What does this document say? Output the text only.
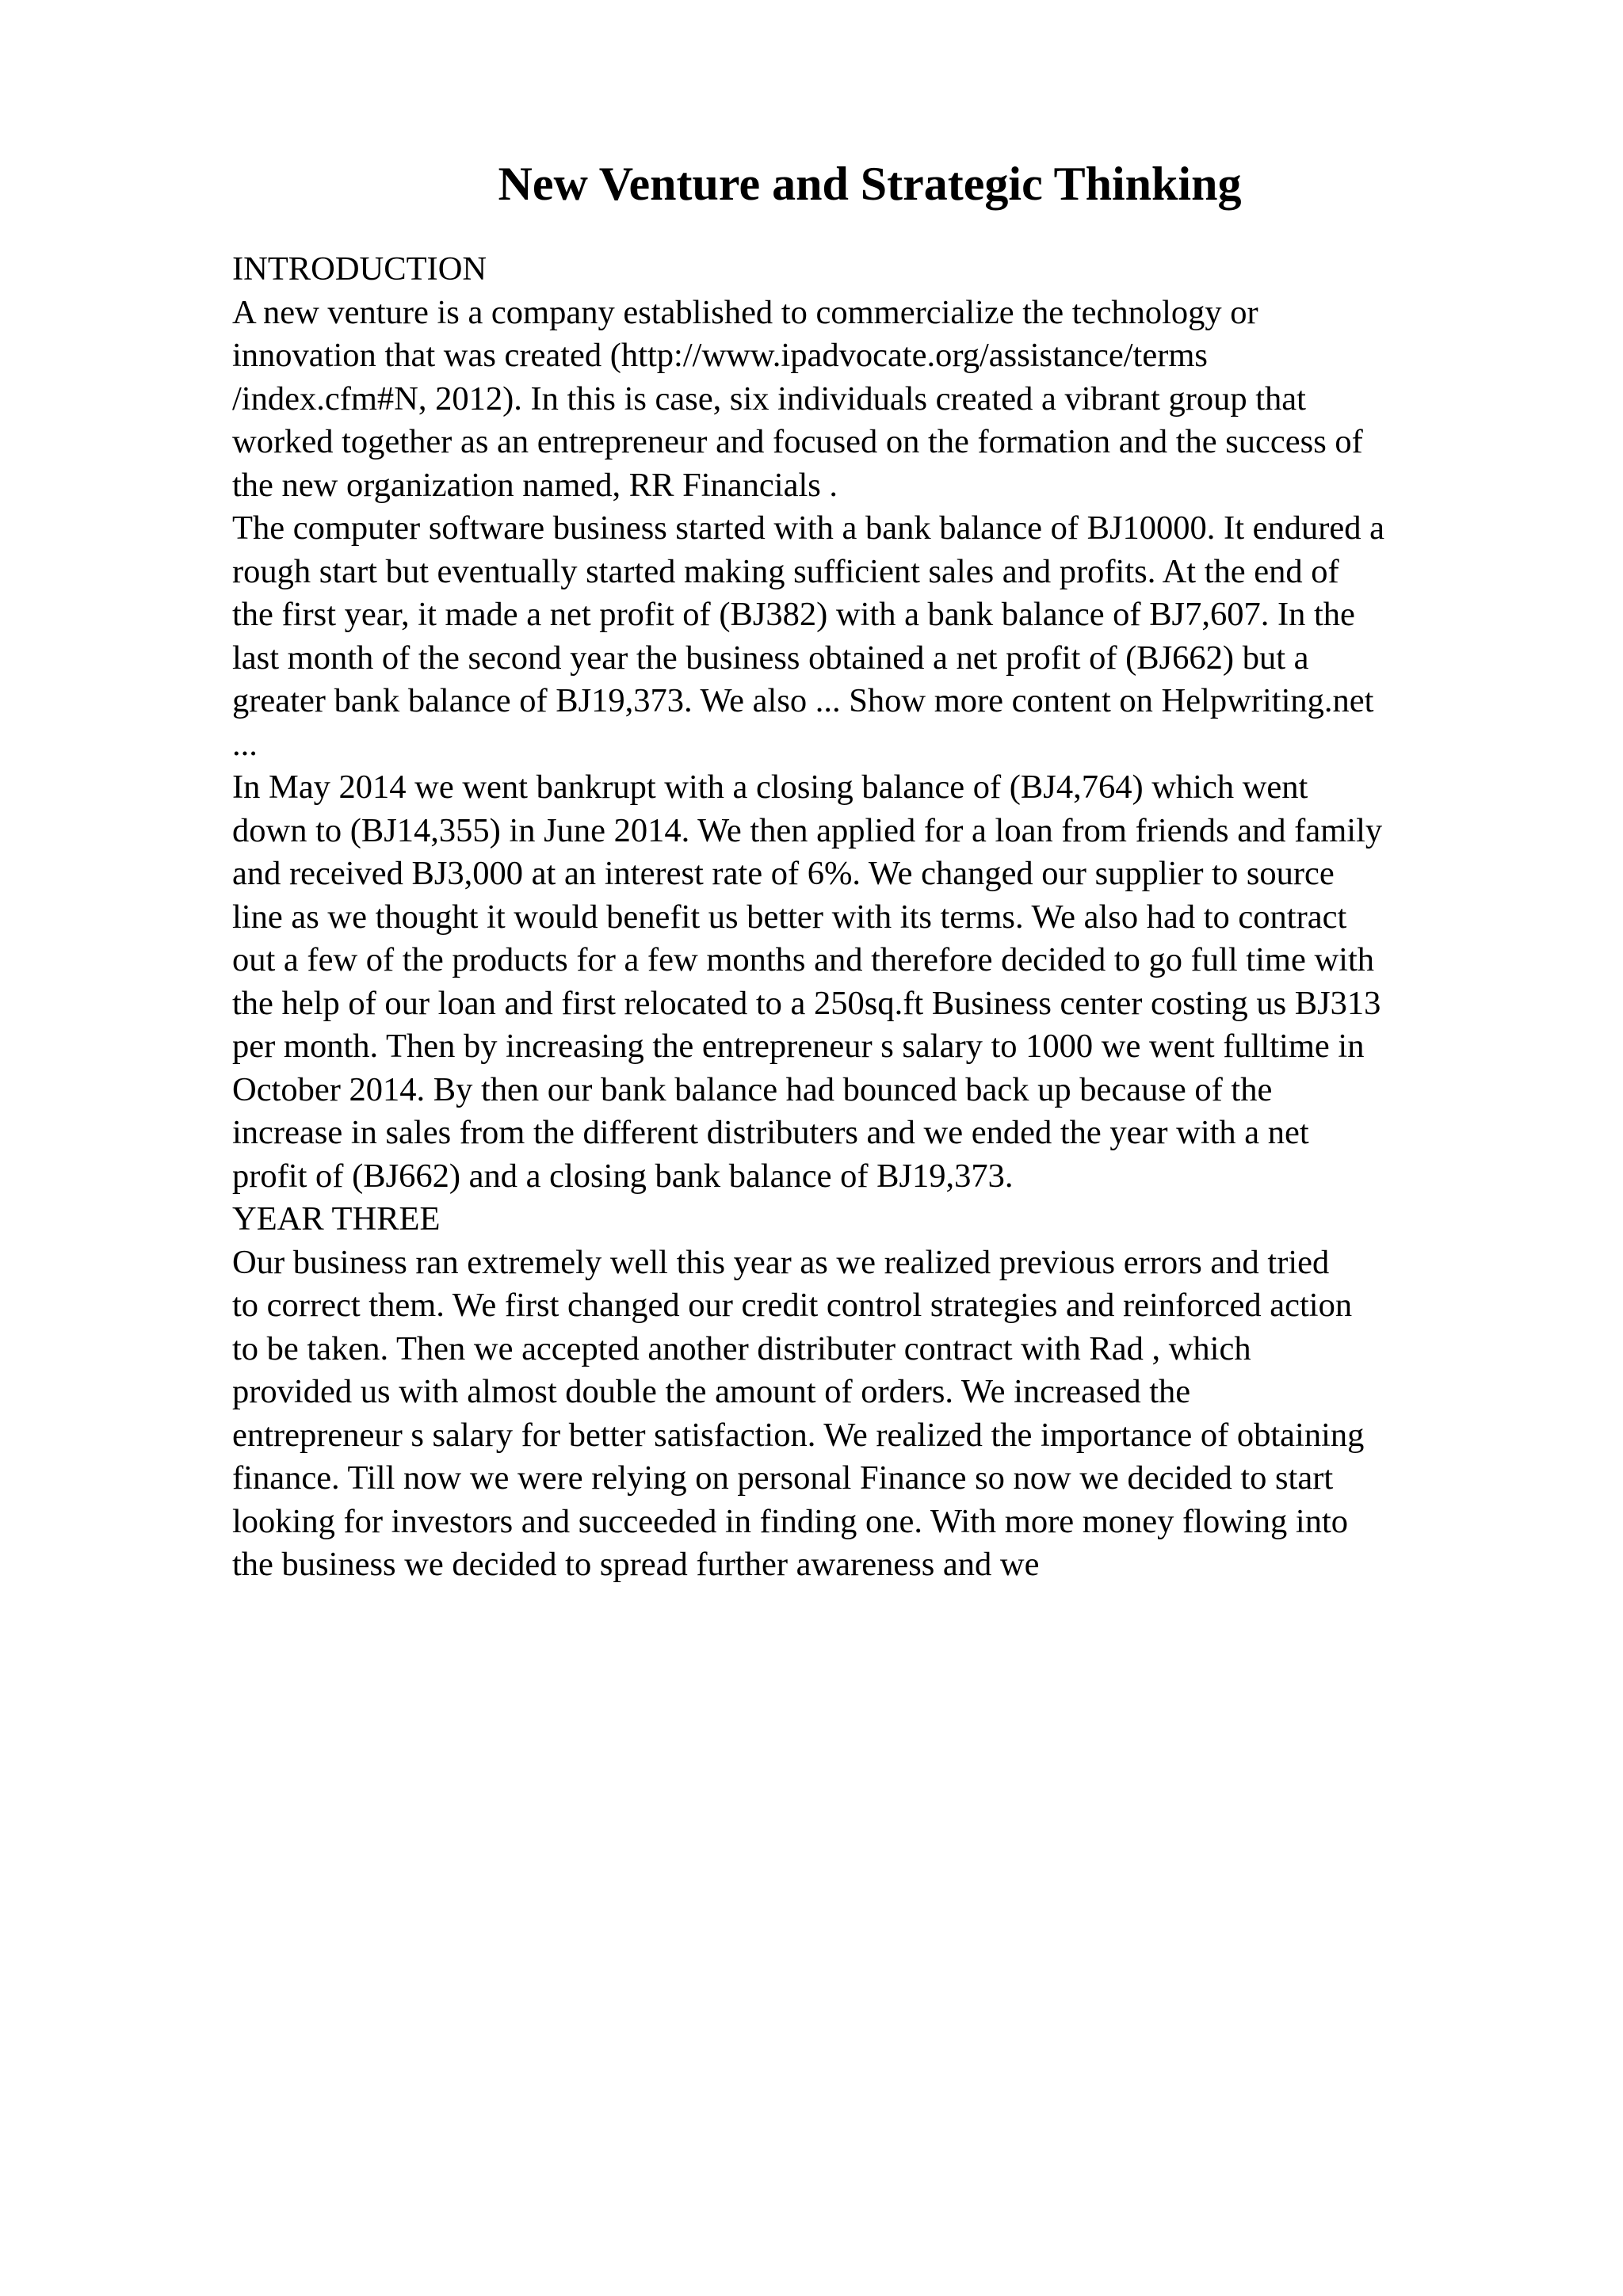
New Venture and Strategic Thinking
INTRODUCTION
A new venture is a company established to commercialize the technology or
innovation that was created (http://www.ipadvocate.org/assistance/terms
/index.cfm#N, 2012). In this is case, six individuals created a vibrant group that
worked together as an entrepreneur and focused on the formation and the success of
the new organization named, RR Financials .
The computer software business started with a bank balance of BJ10000. It endured a
rough start but eventually started making sufficient sales and profits. At the end of
the first year, it made a net profit of (BJ382) with a bank balance of BJ7,607. In the
last month of the second year the business obtained a net profit of (BJ662) but a
greater bank balance of BJ19,373. We also ... Show more content on Helpwriting.net
...
In May 2014 we went bankrupt with a closing balance of (BJ4,764) which went
down to (BJ14,355) in June 2014. We then applied for a loan from friends and family
and received BJ3,000 at an interest rate of 6%. We changed our supplier to source
line as we thought it would benefit us better with its terms. We also had to contract
out a few of the products for a few months and therefore decided to go full time with
the help of our loan and first relocated to a 250sq.ft Business center costing us BJ313
per month. Then by increasing the entrepreneur s salary to 1000 we went fulltime in
October 2014. By then our bank balance had bounced back up because of the
increase in sales from the different distributers and we ended the year with a net
profit of (BJ662) and a closing bank balance of BJ19,373.
YEAR THREE
Our business ran extremely well this year as we realized previous errors and tried
to correct them. We first changed our credit control strategies and reinforced action
to be taken. Then we accepted another distributer contract with Rad , which
provided us with almost double the amount of orders. We increased the
entrepreneur s salary for better satisfaction. We realized the importance of obtaining
finance. Till now we were relying on personal Finance so now we decided to start
looking for investors and succeeded in finding one. With more money flowing into
the business we decided to spread further awareness and we
